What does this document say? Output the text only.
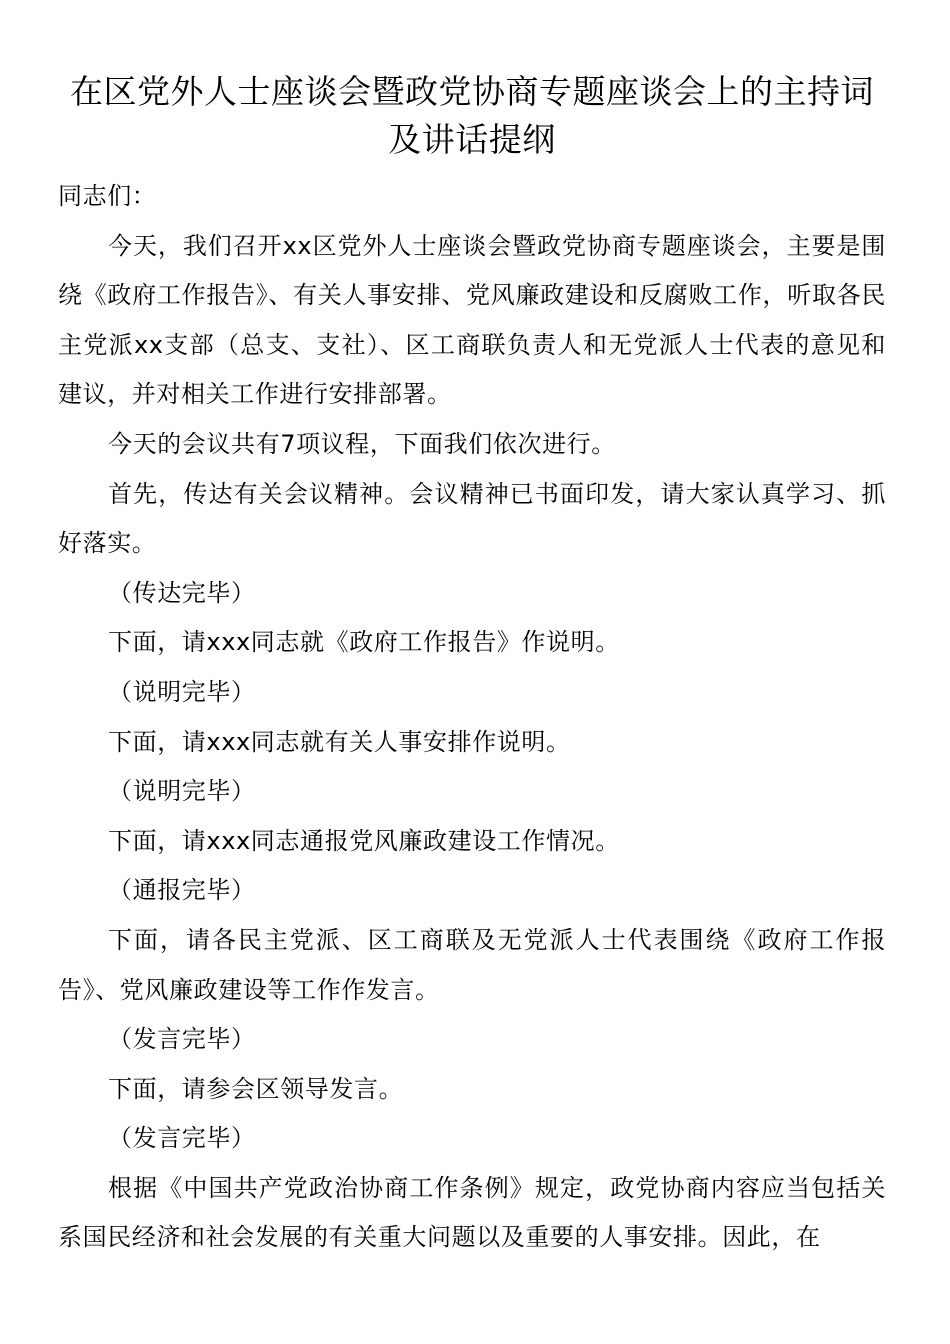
在区党外人士座谈会暨政党协商专题座谈会上的主持词及讲话提纲

同志们：

今天，我们召开xx区党外人士座谈会暨政党协商专题座谈会，主要是围绕《政府工作报告》、有关人事安排、党风廉政建设和反腐败工作，听取各民主党派xx支部（总支、支社）、区工商联负责人和无党派人士代表的意见和建议，并对相关工作进行安排部署。

今天的会议共有7项议程，下面我们依次进行。

首先，传达有关会议精神。会议精神已书面印发，请大家认真学习、抓好落实。

（传达完毕）

下面，请xxx同志就《政府工作报告》作说明。

（说明完毕）

下面，请xxx同志就有关人事安排作说明。

（说明完毕）

下面，请xxx同志通报党风廉政建设工作情况。

（通报完毕）

下面，请各民主党派、区工商联及无党派人士代表围绕《政府工作报告》、党风廉政建设等工作作发言。

（发言完毕）

下面，请参会区领导发言。

（发言完毕）

根据《中国共产党政治协商工作条例》规定，政党协商内容应当包括关系国民经济和社会发展的有关重大问题以及重要的人事安排。因此，在
